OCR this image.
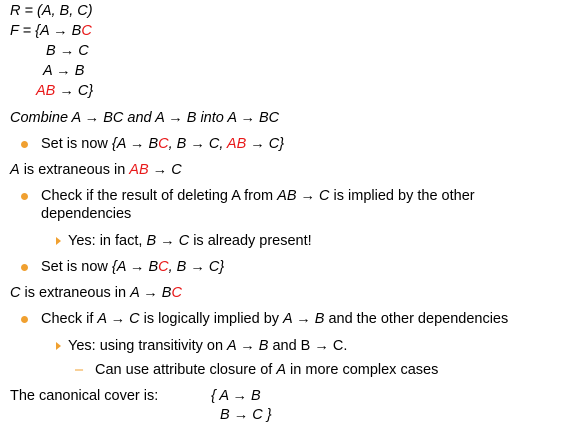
R = (A, B, C)
F = {A → BC
B → C
A → B
AB → C}
Combine A → BC and A → B into A → BC
Set is now {A → BC, B → C, AB → C}
A is extraneous in AB → C
Check if the result of deleting A from AB → C is implied by the other
dependencies
Yes: in fact, B → C is already present!
Set is now {A → BC, B → C}
C is extraneous in A → BC
Check if A → C is logically implied by A → B and the other dependencies
Yes: using transitivity on A → B and B → C.
– Can use attribute closure of A in more complex cases
The canonical cover is:	{ A → B
B → C }
